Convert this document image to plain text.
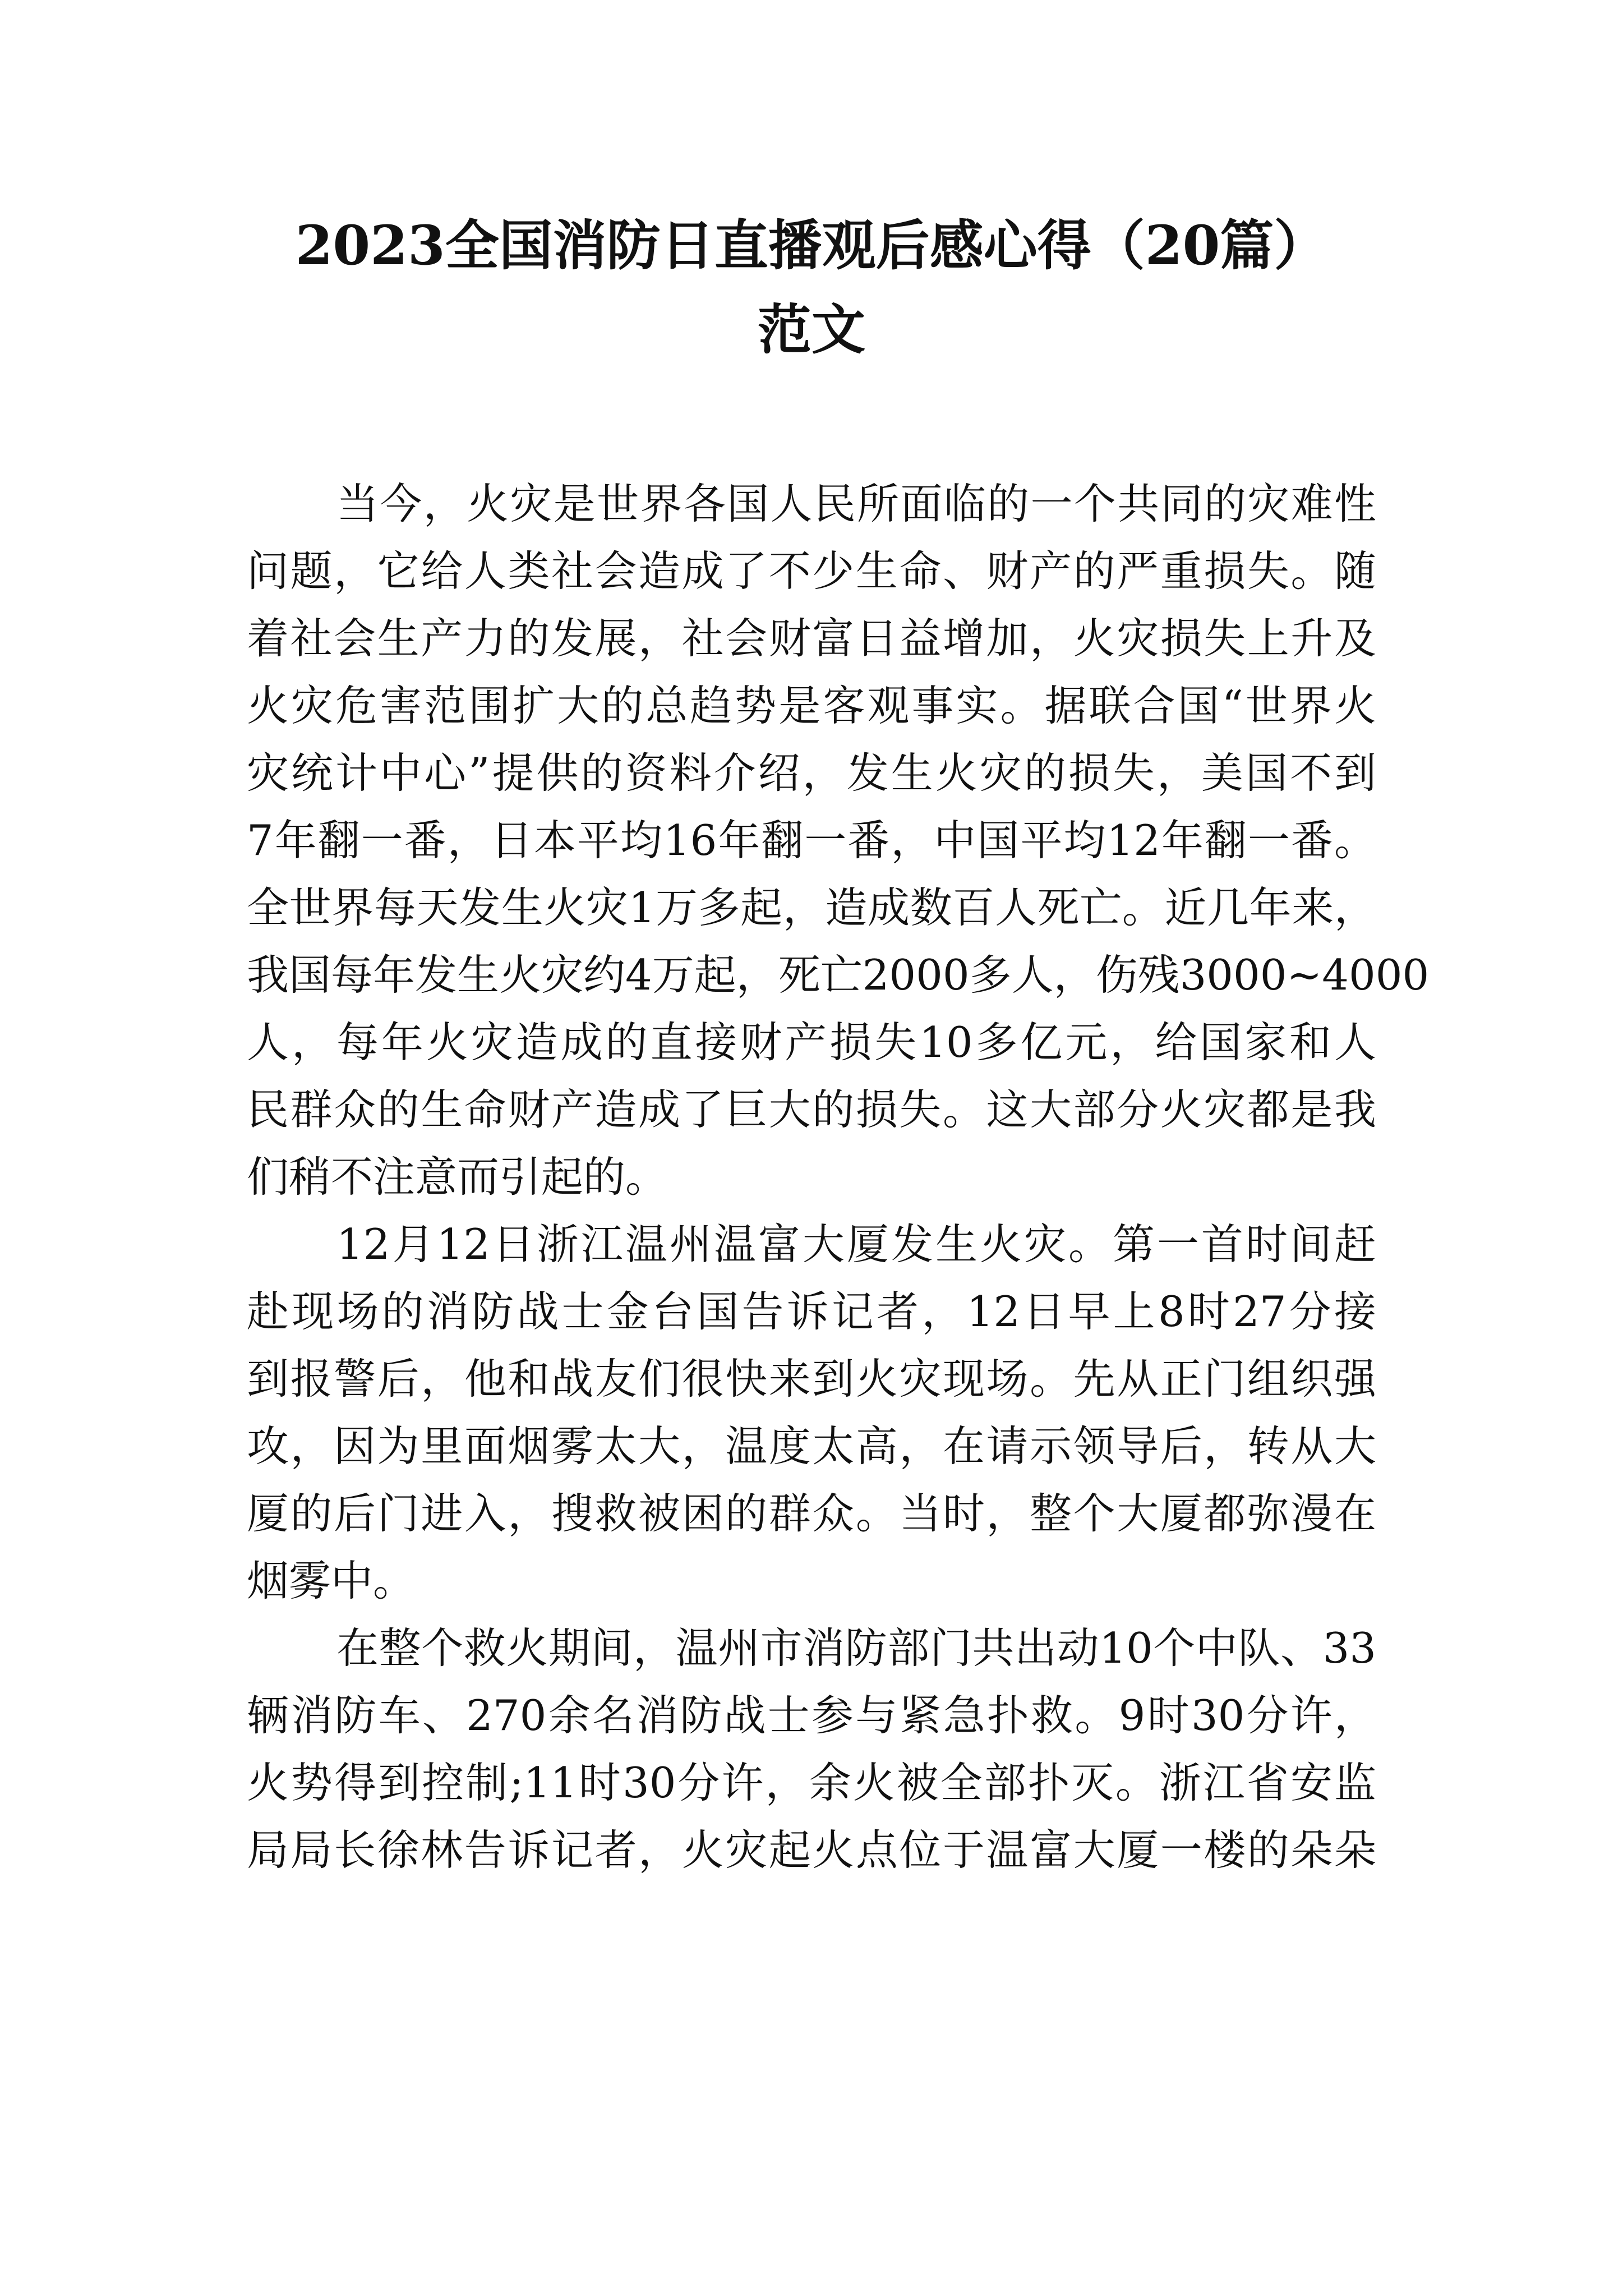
2023全国消防日直播观后感心得（20篇）
范文

当今，火灾是世界各国人民所面临的一个共同的灾难性

问题，它给人类社会造成了不少生命、财产的严重损失。随

着社会生产力的发展，社会财富日益增加，火灾损失上升及

火灾危害范围扩大的总趋势是客观事实。据联合国“世界火

灾统计中心”提供的资料介绍，发生火灾的损失，美国不到

7年翻一番，日本平均16年翻一番，中国平均12年翻一番。

全世界每天发生火灾1万多起，造成数百人死亡。近几年来，

我国每年发生火灾约4万起，死亡2000多人，伤残3000~4000

人，每年火灾造成的直接财产损失10多亿元，给国家和人

民群众的生命财产造成了巨大的损失。这大部分火灾都是我

们稍不注意而引起的。

12月12日浙江温州温富大厦发生火灾。第一首时间赶

赴现场的消防战士金台国告诉记者，12日早上8时27分接

到报警后，他和战友们很快来到火灾现场。先从正门组织强

攻，因为里面烟雾太大，温度太高，在请示领导后，转从大

厦的后门进入，搜救被困的群众。当时，整个大厦都弥漫在

烟雾中。

在整个救火期间，温州市消防部门共出动10个中队、33

辆消防车、270余名消防战士参与紧急扑救。9时30分许，

火势得到控制;11时30分许，余火被全部扑灭。浙江省安监

局局长徐林告诉记者，火灾起火点位于温富大厦一楼的朵朵
